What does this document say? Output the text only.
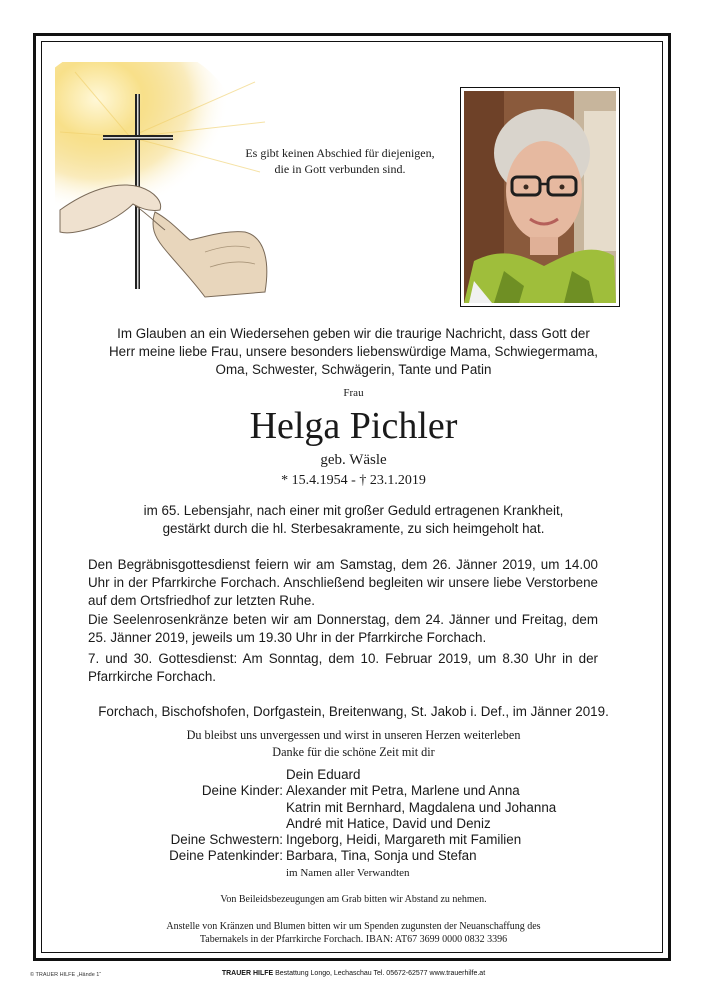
Es gibt keinen Abschied für diejenigen,
die in Gott verbunden sind.
Im Glauben an ein Wiedersehen geben wir die traurige Nachricht, dass Gott der
Herr meine liebe Frau, unsere besonders liebenswürdige Mama, Schwiegermama,
Oma, Schwester, Schwägerin, Tante und Patin
Frau
Helga Pichler
geb. Wäsle
* 15.4.1954 - † 23.1.2019
im 65. Lebensjahr, nach einer mit großer Geduld ertragenen Krankheit,
gestärkt durch die hl. Sterbesakramente, zu sich heimgeholt hat.
Den Begräbnisgottesdienst feiern wir am Samstag, dem 26. Jänner 2019, um 14.00 Uhr in der Pfarrkirche Forchach. Anschließend begleiten wir unsere liebe Verstorbene auf dem Ortsfriedhof zur letzten Ruhe.
Die Seelenrosenkränze beten wir am Donnerstag, dem 24. Jänner und Freitag, dem 25. Jänner 2019, jeweils um 19.30 Uhr in der Pfarrkirche Forchach.
7. und 30. Gottesdienst: Am Sonntag, dem 10. Februar 2019, um 8.30 Uhr in der Pfarrkirche Forchach.
Forchach, Bischofshofen, Dorfgastein, Breitenwang, St. Jakob i. Def., im Jänner 2019.
Du bleibst uns unvergessen und wirst in unseren Herzen weiterleben
Danke für die schöne Zeit mit dir
Dein Eduard
Deine Kinder: Alexander mit Petra, Marlene und Anna
Katrin mit Bernhard, Magdalena und Johanna
André mit Hatice, David und Deniz
Deine Schwestern: Ingeborg, Heidi, Margareth mit Familien
Deine Patenkinder: Barbara, Tina, Sonja und Stefan
im Namen aller Verwandten
Von Beileidsbezeugungen am Grab bitten wir Abstand zu nehmen.
Anstelle von Kränzen und Blumen bitten wir um Spenden zugunsten der Neuanschaffung des
Tabernakels in der Pfarrkirche Forchach. IBAN: AT67 3699 0000 0832 3396
© TRAUER HILFE „Hände 1“	TRAUER HILFE Bestattung Longo, Lechaschau Tel. 05672-62577 www.trauerhilfe.at
